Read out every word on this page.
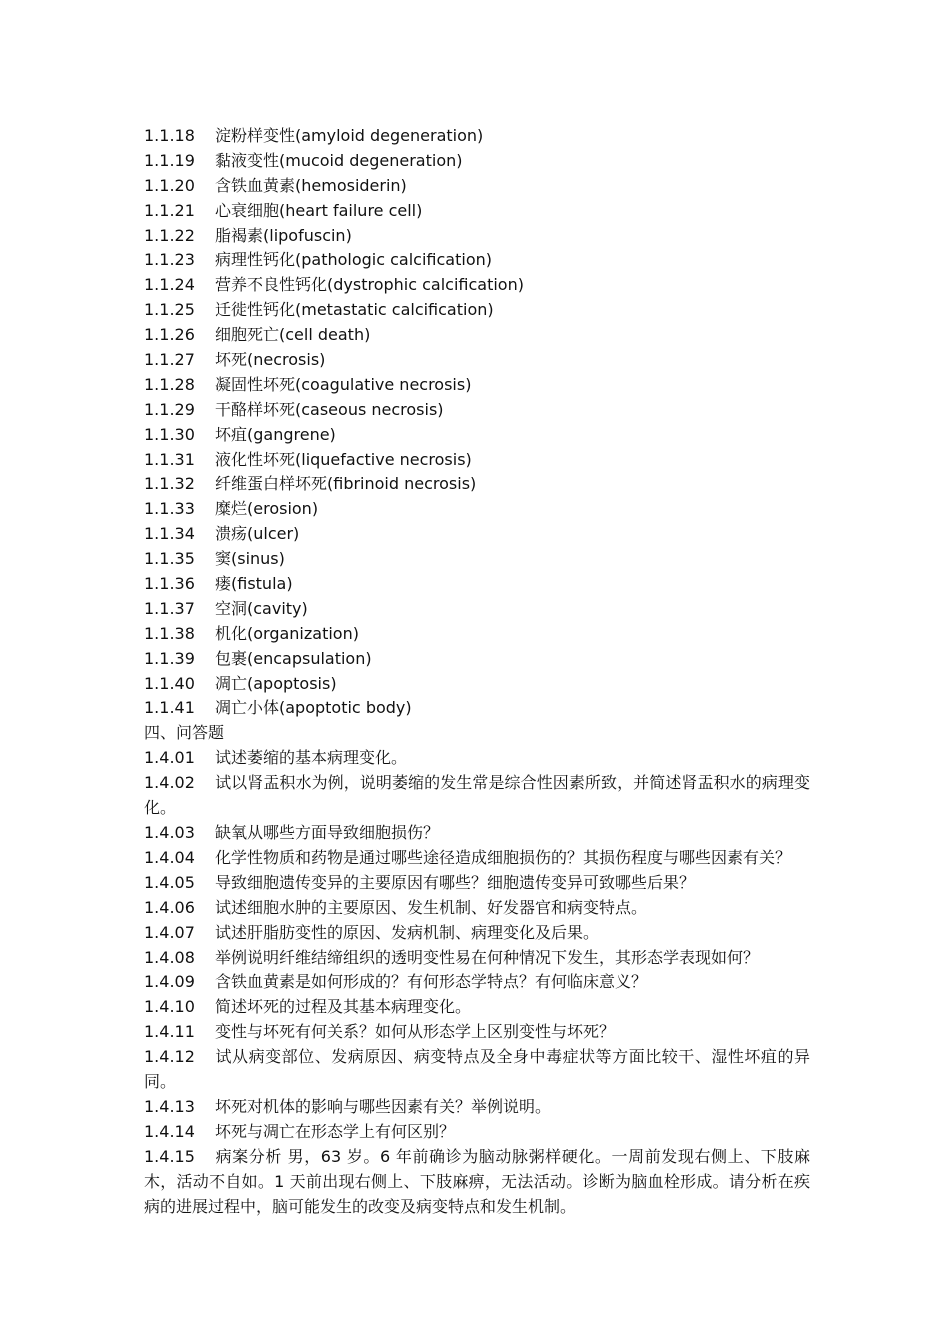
1.1.18 淀粉样变性(amyloid degeneration)
1.1.19 黏液变性(mucoid degeneration)
1.1.20 含铁血黄素(hemosiderin)
1.1.21 心衰细胞(heart failure cell)
1.1.22 脂褐素(lipofuscin)
1.1.23 病理性钙化(pathologic calcification)
1.1.24 营养不良性钙化(dystrophic calcification)
1.1.25 迁徙性钙化(metastatic calcification)
1.1.26 细胞死亡(cell death)
1.1.27 坏死(necrosis)
1.1.28 凝固性坏死(coagulative necrosis)
1.1.29 干酪样坏死(caseous necrosis)
1.1.30 坏疽(gangrene)
1.1.31 液化性坏死(liquefactive necrosis)
1.1.32 纤维蛋白样坏死(fibrinoid necrosis)
1.1.33 糜烂(erosion)
1.1.34 溃疡(ulcer)
1.1.35 窦(sinus)
1.1.36 瘘(fistula)
1.1.37 空洞(cavity)
1.1.38 机化(organization)
1.1.39 包裹(encapsulation)
1.1.40 凋亡(apoptosis)
1.1.41 凋亡小体(apoptotic body)
四、问答题
1.4.01 试述萎缩的基本病理变化。
1.4.02 试以肾盂积水为例，说明萎缩的发生常是综合性因素所致，并简述肾盂积水的病理变化。
1.4.03 缺氧从哪些方面导致细胞损伤？
1.4.04 化学性物质和药物是通过哪些途径造成细胞损伤的？其损伤程度与哪些因素有关？
1.4.05 导致细胞遗传变异的主要原因有哪些？细胞遗传变异可致哪些后果？
1.4.06 试述细胞水肿的主要原因、发生机制、好发器官和病变特点。
1.4.07 试述肝脂肪变性的原因、发病机制、病理变化及后果。
1.4.08 举例说明纤维结缔组织的透明变性易在何种情况下发生，其形态学表现如何？
1.4.09 含铁血黄素是如何形成的？有何形态学特点？有何临床意义？
1.4.10 简述坏死的过程及其基本病理变化。
1.4.11 变性与坏死有何关系？如何从形态学上区别变性与坏死？
1.4.12 试从病变部位、发病原因、病变特点及全身中毒症状等方面比较干、湿性坏疽的异同。
1.4.13 坏死对机体的影响与哪些因素有关？举例说明。
1.4.14 坏死与凋亡在形态学上有何区别？
1.4.15 病案分析 男，63 岁。6 年前确诊为脑动脉粥样硬化。一周前发现右侧上、下肢麻木，活动不自如。1 天前出现右侧上、下肢麻痹，无法活动。诊断为脑血栓形成。请分析在疾病的进展过程中，脑可能发生的改变及病变特点和发生机制。
